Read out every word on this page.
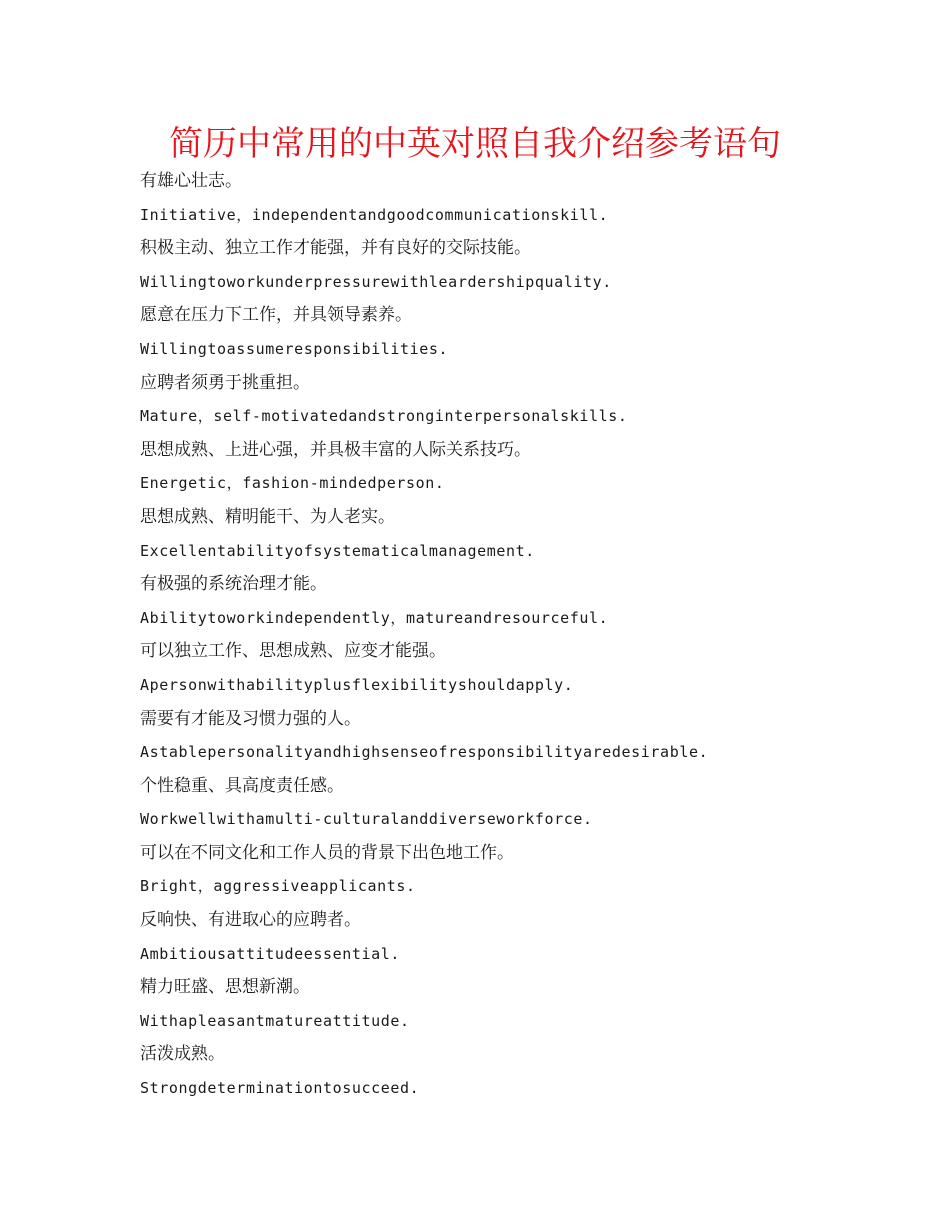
简历中常用的中英对照自我介绍参考语句
有雄心壮志。
Initiative，independentandgoodcommunicationskill.
积极主动、独立工作才能强，并有良好的交际技能。
Willingtoworkunderpressurewithleardershipquality.
愿意在压力下工作，并具领导素养。
Willingtoassumeresponsibilities.
应聘者须勇于挑重担。
Mature，self-motivatedandstronginterpersonalskills.
思想成熟、上进心强，并具极丰富的人际关系技巧。
Energetic，fashion-mindedperson.
思想成熟、精明能干、为人老实。
Excellentabilityofsystematicalmanagement.
有极强的系统治理才能。
Abilitytoworkindependently，matureandresourceful.
可以独立工作、思想成熟、应变才能强。
Apersonwithabilityplusflexibilityshouldapply.
需要有才能及习惯力强的人。
Astablepersonalityandhighsenseofresponsibilityaredesirable.
个性稳重、具高度责任感。
Workwellwithamulti-culturalanddiverseworkforce.
可以在不同文化和工作人员的背景下出色地工作。
Bright，aggressiveapplicants.
反响快、有进取心的应聘者。
Ambitiousattitudeessential.
精力旺盛、思想新潮。
Withapleasantmatureattitude.
活泼成熟。
Strongdeterminationtosucceed.
